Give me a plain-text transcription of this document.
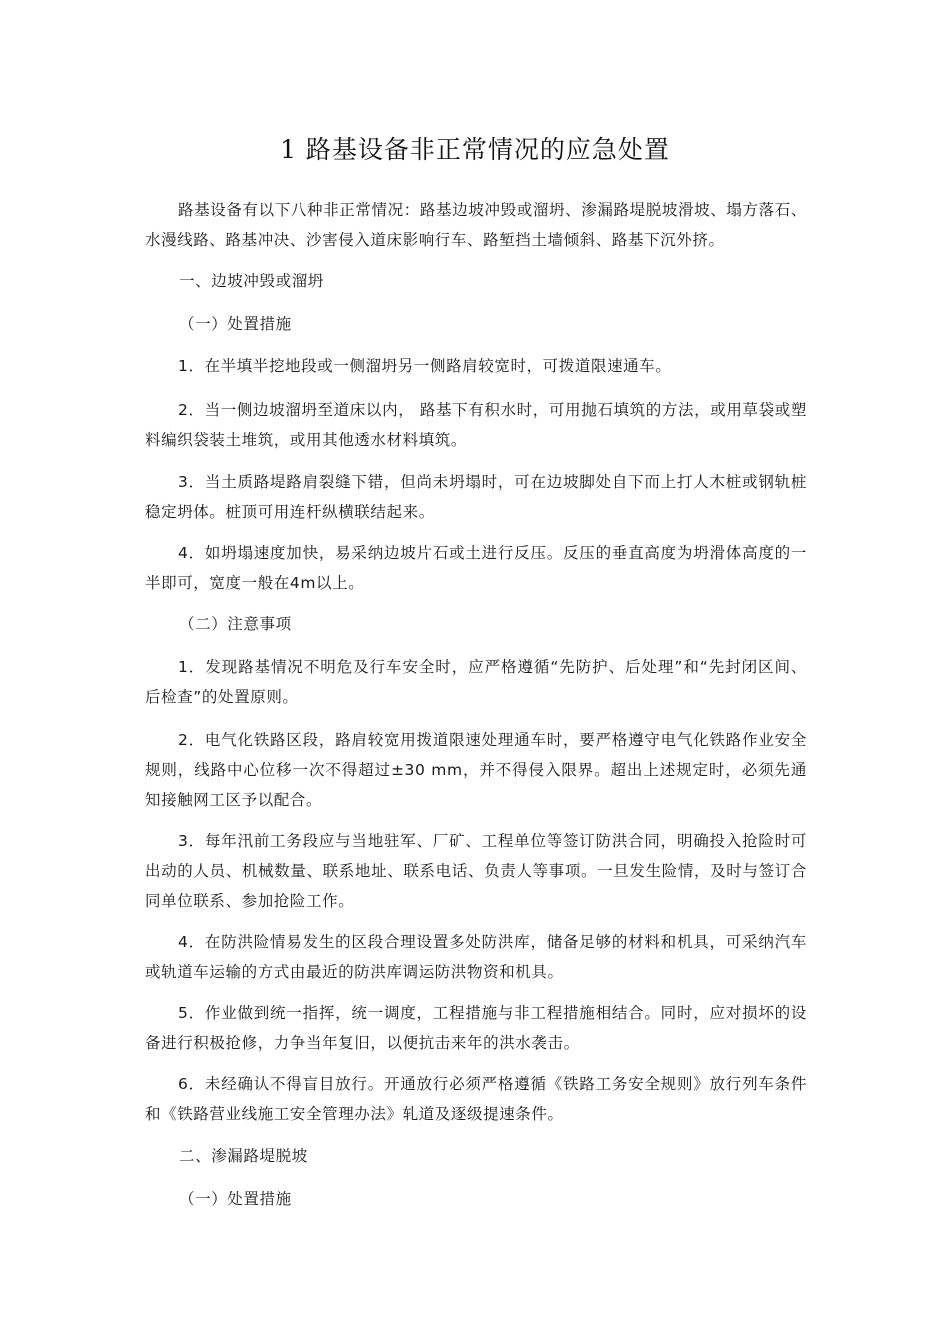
1 路基设备非正常情况的应急处置

路基设备有以下八种非正常情况：路基边坡冲毁或溜坍、渗漏路堤脱坡滑坡、塌方落石、水漫线路、路基冲决、沙害侵入道床影响行车、路堑挡土墙倾斜、路基下沉外挤。

一、边坡冲毁或溜坍

（一）处置措施

1．在半填半挖地段或一侧溜坍另一侧路肩较宽时，可拨道限速通车。

2．当一侧边坡溜坍至道床以内， 路基下有积水时，可用抛石填筑的方法，或用草袋或塑料编织袋装土堆筑，或用其他透水材料填筑。

3．当土质路堤路肩裂缝下错，但尚未坍塌时，可在边坡脚处自下而上打人木桩或钢轨桩稳定坍体。桩顶可用连杆纵横联结起来。

4．如坍塌速度加快，易采纳边坡片石或土进行反压。反压的垂直高度为坍滑体高度的一半即可，宽度一般在4m以上。

（二）注意事项

1．发现路基情况不明危及行车安全时，应严格遵循“先防护、后处理”和“先封闭区间、后检查”的处置原则。

2．电气化铁路区段，路肩较宽用拨道限速处理通车时，要严格遵守电气化铁路作业安全规则，线路中心位移一次不得超过±30 mm，并不得侵入限界。超出上述规定时，必须先通知接触网工区予以配合。

3．每年汛前工务段应与当地驻军、厂矿、工程单位等签订防洪合同，明确投入抢险时可出动的人员、机械数量、联系地址、联系电话、负责人等事项。一旦发生险情，及时与签订合同单位联系、参加抢险工作。

4．在防洪险情易发生的区段合理设置多处防洪库，储备足够的材料和机具，可采纳汽车或轨道车运输的方式由最近的防洪库调运防洪物资和机具。

5．作业做到统一指挥，统一调度，工程措施与非工程措施相结合。同时，应对损坏的设备进行积极抢修，力争当年复旧，以便抗击来年的洪水袭击。

6．未经确认不得盲目放行。开通放行必须严格遵循《铁路工务安全规则》放行列车条件和《铁路营业线施工安全管理办法》轧道及逐级提速条件。

二、渗漏路堤脱坡

（一）处置措施
